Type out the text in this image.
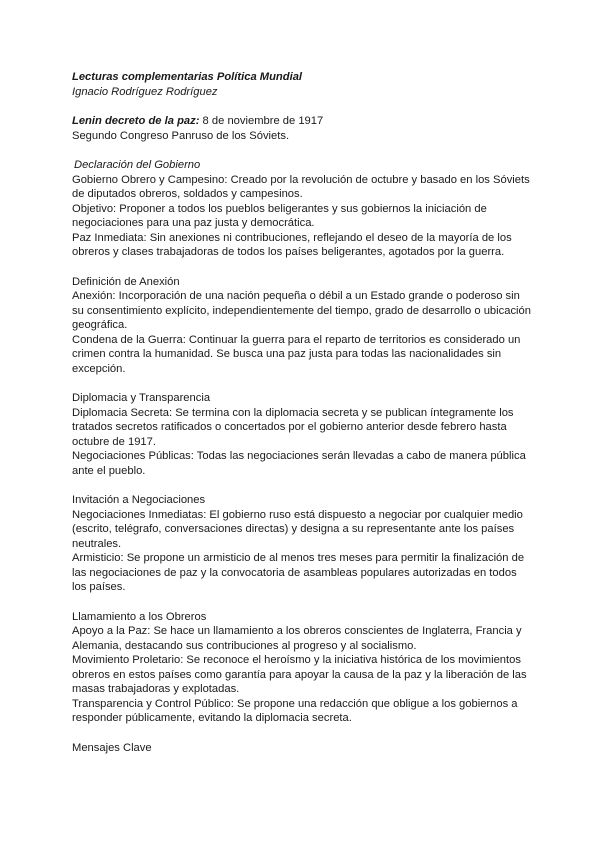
Lecturas complementarias Política Mundial

Ignacio Rodríguez Rodríguez

Lenin decreto de la paz: 8 de noviembre de 1917

Segundo Congreso Panruso de los Sóviets.

Declaración del Gobierno

Gobierno Obrero y Campesino: Creado por la revolución de octubre y basado en los Sóviets de diputados obreros, soldados y campesinos.

Objetivo: Proponer a todos los pueblos beligerantes y sus gobiernos la iniciación de negociaciones para una paz justa y democrática.

Paz Inmediata: Sin anexiones ni contribuciones, reflejando el deseo de la mayoría de los obreros y clases trabajadoras de todos los países beligerantes, agotados por la guerra.

Definición de Anexión

Anexión: Incorporación de una nación pequeña o débil a un Estado grande o poderoso sin su consentimiento explícito, independientemente del tiempo, grado de desarrollo o ubicación geográfica.

Condena de la Guerra: Continuar la guerra para el reparto de territorios es considerado un crimen contra la humanidad. Se busca una paz justa para todas las nacionalidades sin excepción.

Diplomacia y Transparencia

Diplomacia Secreta: Se termina con la diplomacia secreta y se publican íntegramente los tratados secretos ratificados o concertados por el gobierno anterior desde febrero hasta octubre de 1917.

Negociaciones Públicas: Todas las negociaciones serán llevadas a cabo de manera pública ante el pueblo.

Invitación a Negociaciones

Negociaciones Inmediatas: El gobierno ruso está dispuesto a negociar por cualquier medio (escrito, telégrafo, conversaciones directas) y designa a su representante ante los países neutrales.

Armisticio: Se propone un armisticio de al menos tres meses para permitir la finalización de las negociaciones de paz y la convocatoria de asambleas populares autorizadas en todos los países.

Llamamiento a los Obreros

Apoyo a la Paz: Se hace un llamamiento a los obreros conscientes de Inglaterra, Francia y Alemania, destacando sus contribuciones al progreso y al socialismo.

Movimiento Proletario: Se reconoce el heroísmo y la iniciativa histórica de los movimientos obreros en estos países como garantía para apoyar la causa de la paz y la liberación de las masas trabajadoras y explotadas.

Transparencia y Control Público: Se propone una redacción que obligue a los gobiernos a responder públicamente, evitando la diplomacia secreta.

Mensajes Clave
